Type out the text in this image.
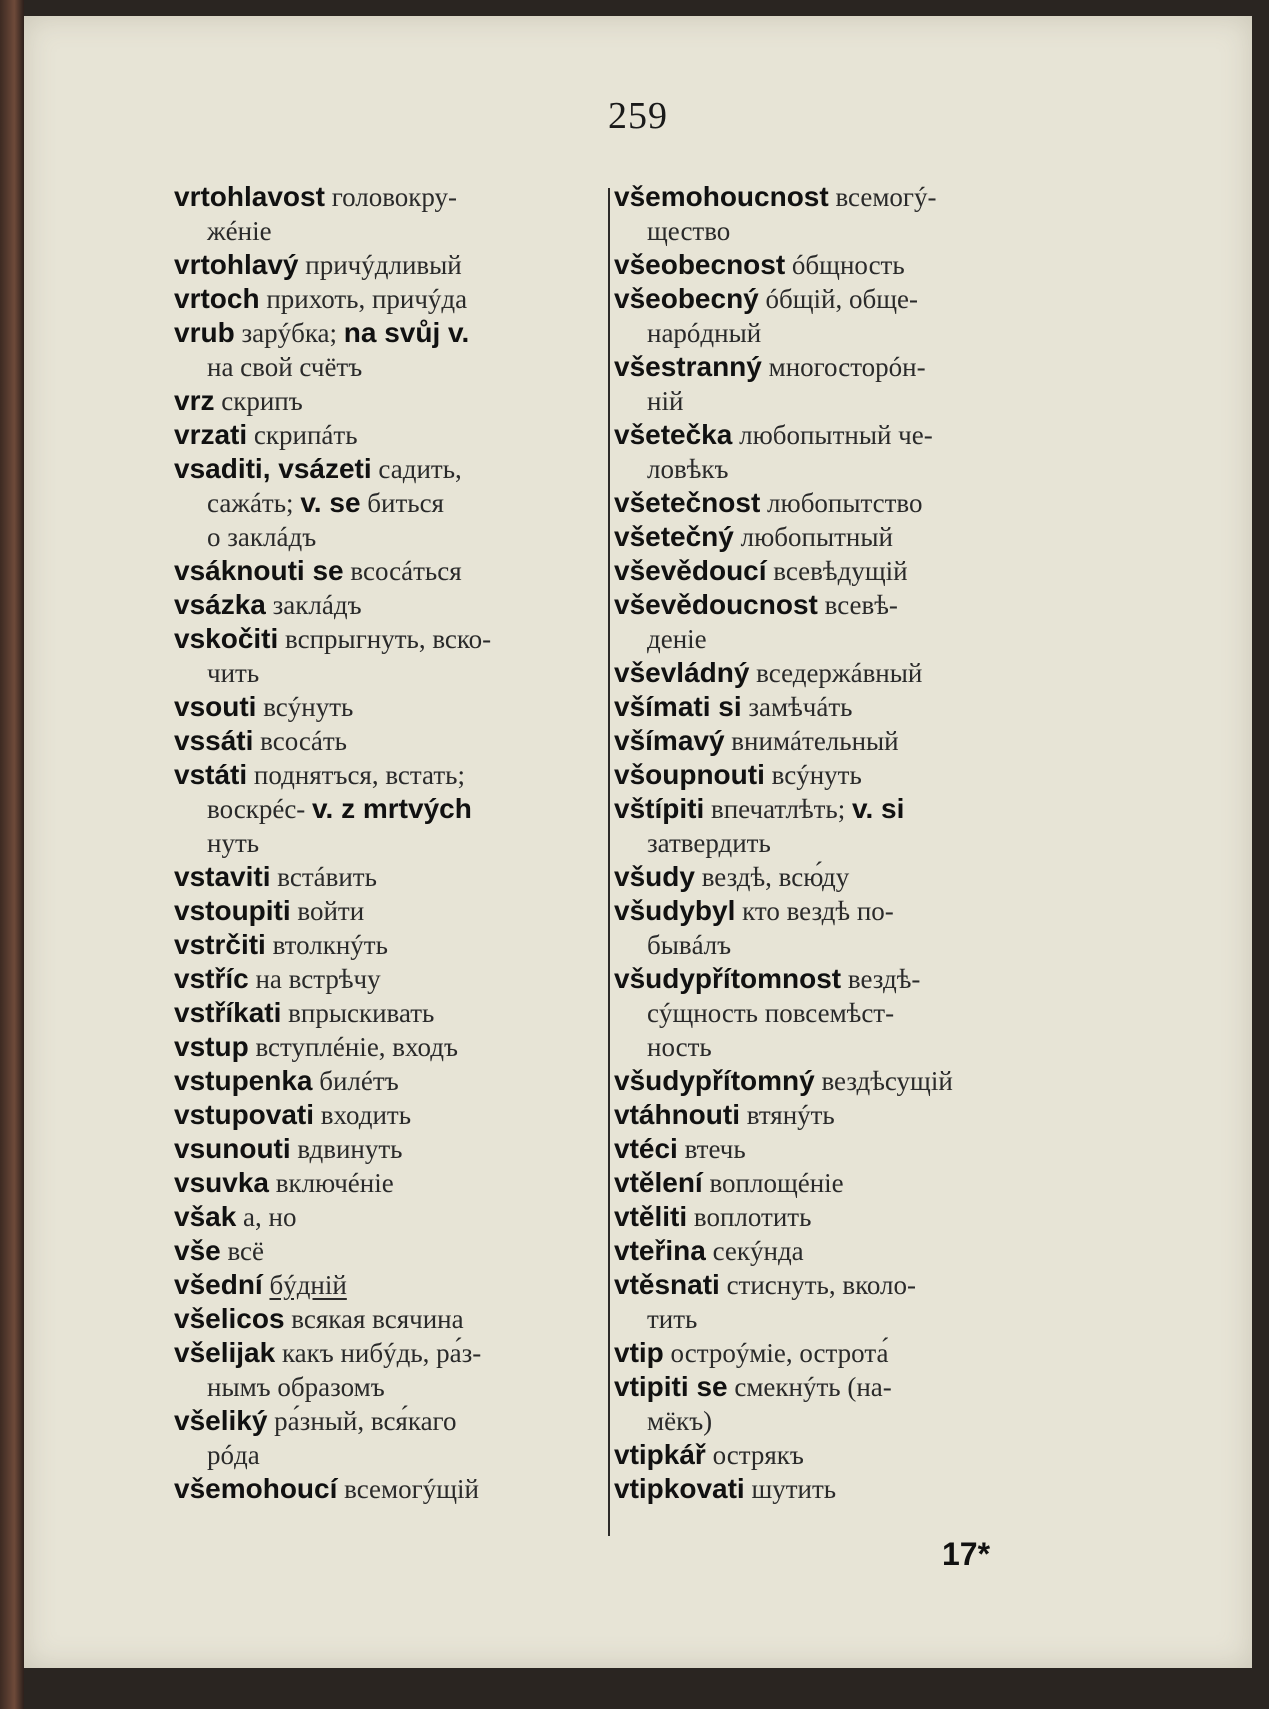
259
vrtohlavost головокру-
жéніе
vrtohlavý причýдливый
vrtoch прихоть, причýда
vrub зарýбка; na svůj v.
на свой счётъ
vrz скрипъ
vrzati скрипáть
vsaditi, vsázeti садить,
сажáть; v. se биться
о заклáдъ
vsáknouti se всосáться
vsázka заклáдъ
vskočiti вспрыгнуть, вско-
чить
vsouti всýнуть
vssáti всосáть
vstáti поднятъся, встать;
воскрéс- v. z mrtvých
нуть
vstaviti встáвить
vstoupiti войти
vstrčiti втолкнýть
vstříc на встрѣчу
vstříkati впрыскивать
vstup вступлéніе, входъ
vstupenka билéтъ
vstupovati входить
vsunouti вдвинуть
vsuvka включéніе
však а, но
vše всё
všední бýдній
všelicos всякая всячина
všelijak какъ нибýдь, ра́з-
нымъ образомъ
všeliký ра́зный, вся́каго
рóда
všemohoucí всемогýщій
všemohoucnost всемогý-
щество
všeobecnost óбщность
všeobecný óбщій, обще-
нарóдный
všestranný многосторóн-
ній
všetečka любопытный че-
ловѣкъ
všetečnost любопытство
všetečný любопытный
vševědoucí всевѣдущій
vševědoucnost всевѣ-
деніе
vševládný вседержáвный
všímati si замѣчáть
všímavý внимáтельный
všoupnouti всýнуть
vštípiti впечатлѣть; v. si
затвердить
všudy вездѣ, всю́ду
všudybyl кто вездѣ по-
бывáлъ
všudypřítomnost вездѣ-
сýщность повсемѣст-
ность
všudypřítomný вездѣсущій
vtáhnouti втянýть
vtéci втечь
vtělení воплощéніе
vtěliti воплотить
vteřina секýнда
vtěsnati стиснуть, вколо-
тить
vtip остроýміе, острота́
vtipiti se смекнýть (на-
мёкъ)
vtipkář острякъ
vtipkovati шутить
17*
